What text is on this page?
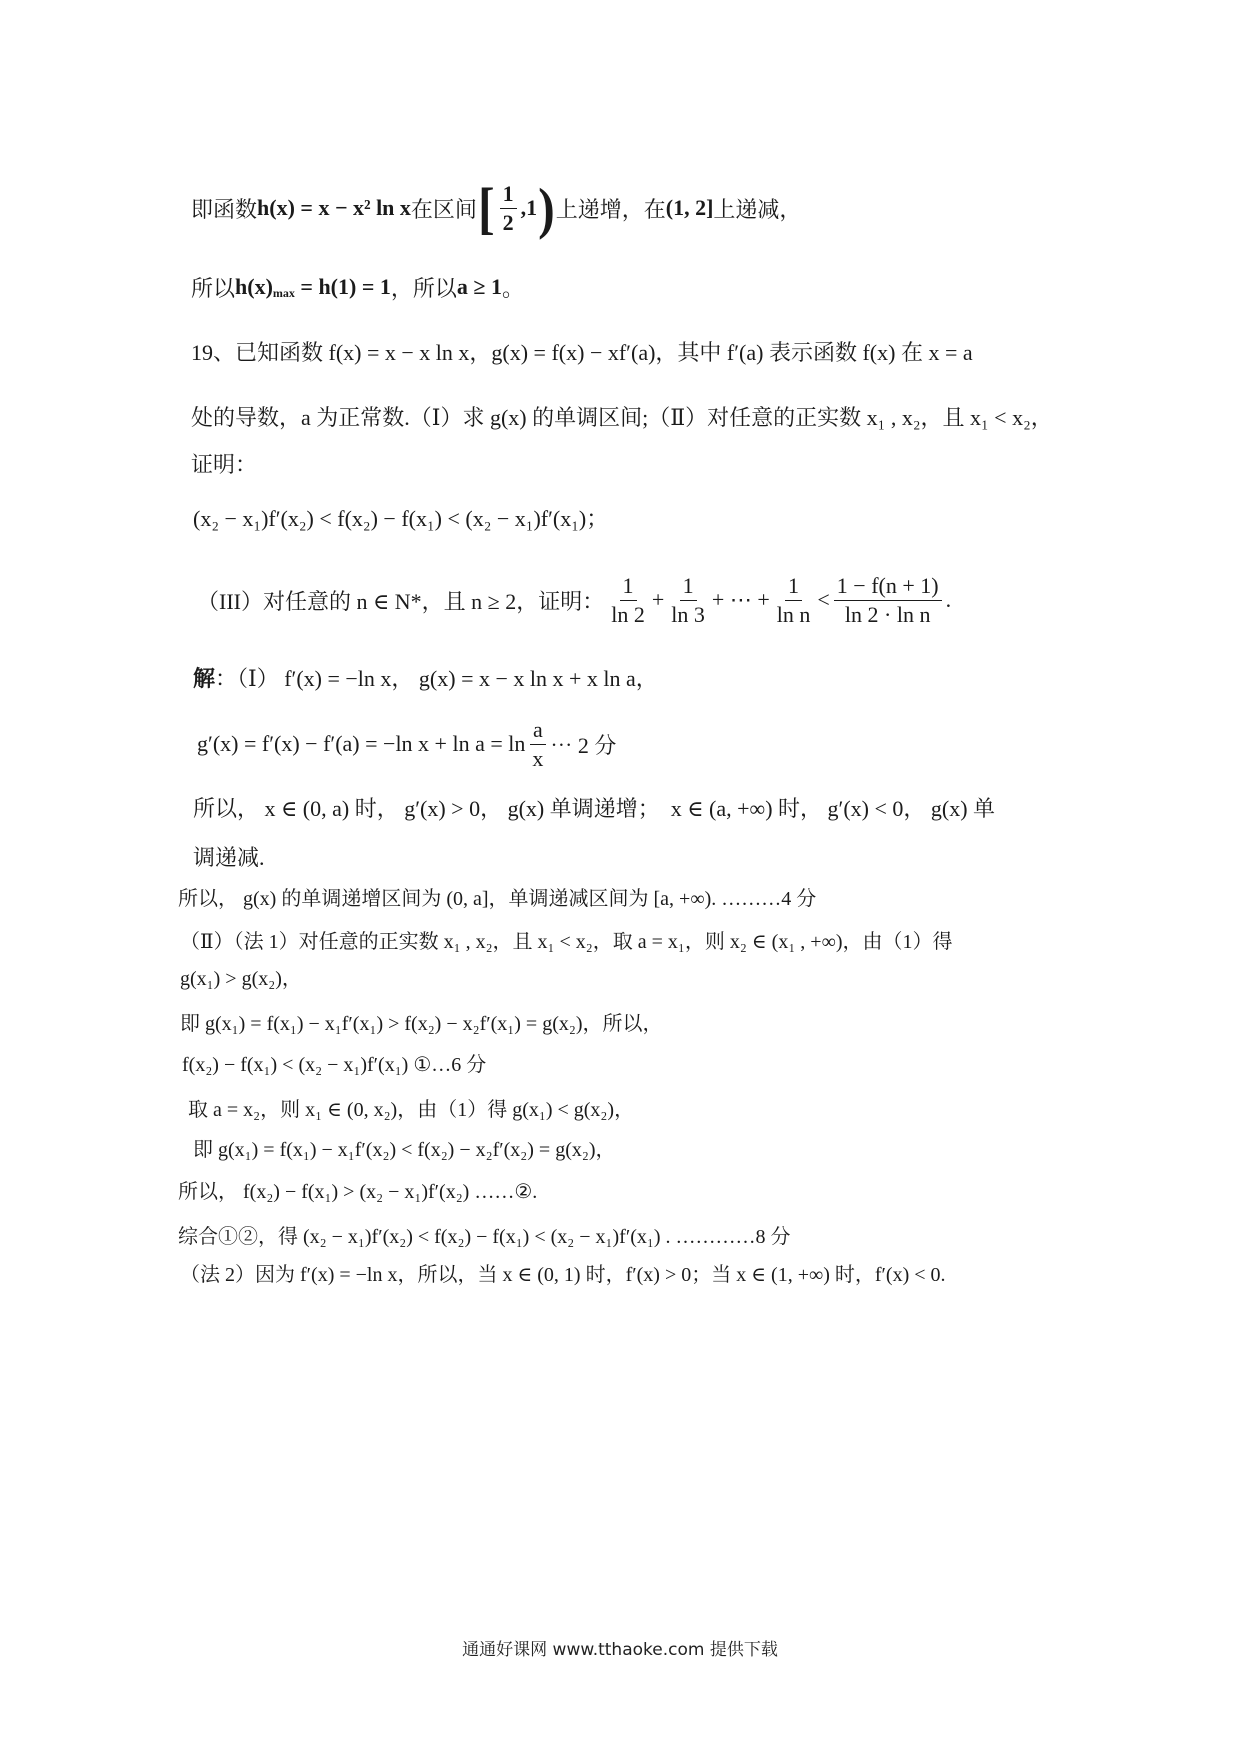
即函数 h(x) = x − x² ln x 在区间 [ $\frac{1}{2} ,1$ ) 上递增，在 (1, 2] 上递减，
所以 h(x) max = h(1) = 1 ，所以 a ≥ 1 。
19、已知函数 f(x) = x − x ln x，g(x) = f(x) − xf′(a)，其中 f′(a) 表示函数 f(x) 在 x = a
处的导数，a 为正常数.（Ⅰ）求 g(x) 的单调区间;（Ⅱ）对任意的正实数 x₁ , x₂，且 x₁ < x₂，
证明：
(x₂ − x₁)f′(x₂) < f(x₂) − f(x₁) < (x₂ − x₁)f′(x₁)；
（III）对任意的 n ∈ N*，且 n ≥ 2，证明： $\frac{1}{\ln 2} + \frac{1}{\ln 3}$ + ⋯ + $\frac{1}{\text{ln n}} < \frac{1 - f(n + 1)}{\text{ln 2 · ln n}}$ .
解 ：（Ⅰ） f′(x) = −ln x， g(x) = x − x ln x + x ln a，
g′(x) = f′(x) − f′(a) = −ln $x + \ln a = \ln \frac{a}{x}$ ⋯ 2 分
所以， x ∈ (0, a) 时， g′(x) > 0， g(x) 单调递增；  x ∈ (a, +∞) 时， g′(x) < 0， g(x) 单
调递减.
所以， g(x) 的单调递增区间为 (0, a]，单调递减区间为 [a, +∞). ………4 分
（Ⅱ）（法 1）对任意的正实数 x₁ , x₂，且 x₁ < x₂，取 a = x₁，则 x₂ ∈ (x₁ , +∞)，由（1）得
g(x₁) > g(x₂)，
即 g(x₁) = f(x₁) − x₁f′(x₁) > f(x₂) − x₂f′(x₁) = g(x₂)，所以，
f(x₂) − f(x₁) < (x₂ − x₁)f′(x₁) ①…6 分
取 a = x₂，则 x₁ ∈ (0, x₂)，由（1）得 g(x₁) < g(x₂)，
即 g(x₁) = f(x₁) − x₁f′(x₂) < f(x₂) − x₂f′(x₂) = g(x₂)，
所以， f(x₂) − f(x₁) > (x₂ − x₁)f′(x₂) ……②.
综合①②，得 (x₂ − x₁)f′(x₂) < f(x₂) − f(x₁) < (x₂ − x₁)f′(x₁) . …………8 分
（法 2）因为 f′(x) = −ln x，所以，当 x ∈ (0, 1) 时，f′(x) > 0；当 x ∈ (1, +∞) 时，f′(x) < 0.
通通好课网 www.tthaoke.com 提供下载
